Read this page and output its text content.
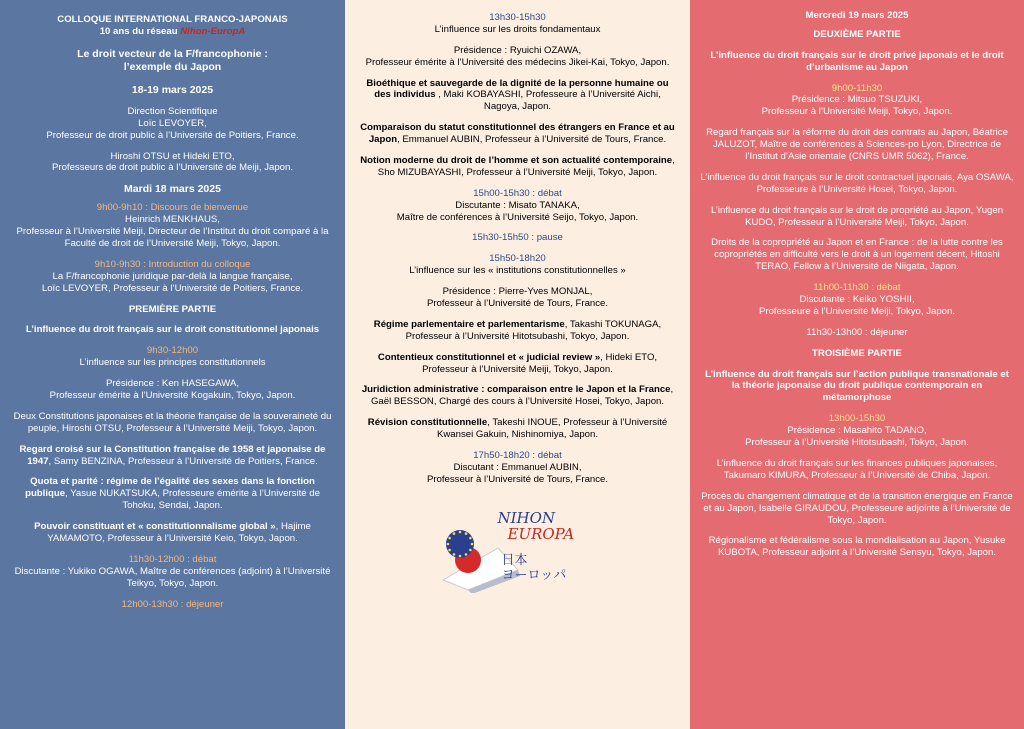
COLLOQUE INTERNATIONAL FRANCO-JAPONAIS

10 ans du réseau Nihon-EuropA

Le droit vecteur de la F/francophonie :

l’exemple du Japon

18-19 mars 2025

Direction Scientifique

Loïc LEVOYER,

Professeur de droit public à l’Université de Poitiers, France.

Hiroshi OTSU et Hideki ETO,

Professeurs de droit public à l’Université de Meiji, Japon.

Mardi 18 mars 2025

9h00-9h10 : Discours de bienvenue

Heinrich MENKHAUS,

Professeur à l’Université Meiji, Directeur de l’Institut du droit comparé à la Faculté de droit de l’Université Meiji, Tokyo, Japon.

9h10-9h30 : Introduction du colloque

La F/francophonie juridique par-delà la langue française,

Loïc LEVOYER, Professeur à l’Université de Poitiers, France.

PREMIÈRE PARTIE

L’influence du droit français sur le droit constitutionnel japonais

9h30-12h00

L’influence sur les principes constitutionnels

Présidence : Ken HASEGAWA,

Professeur émérite à l’Université Kogakuin, Tokyo, Japon.

Deux Constitutions japonaises et la théorie française de la souveraineté du peuple, Hiroshi OTSU, Professeur à l’Université Meiji, Tokyo, Japon.

Regard croisé sur la Constitution française de 1958 et japonaise de 1947, Samy BENZINA, Professeur à l’Université de Poitiers, France.

Quota et parité : régime de l’égalité des sexes dans la fonction publique, Yasue NUKATSUKA, Professeure émérite à l’Université de Tohoku, Sendai, Japon.

Pouvoir constituant et « constitutionnalisme global », Hajime YAMAMOTO, Professeur à l’Université Keio, Tokyo, Japon.

11h30-12h00 : débat

Discutante : Yukiko OGAWA, Maître de conférences (adjoint) à l’Université Teikyo, Tokyo, Japon.

12h00-13h30 : déjeuner

13h30-15h30

L’influence sur les droits fondamentaux

Présidence : Ryuichi OZAWA,

Professeur émérite à l’Université des médecins Jikei-Kai, Tokyo, Japon.

Bioéthique et sauvegarde de la dignité de la personne humaine ou des individus , Maki KOBAYASHI, Professeure à l’Université Aichi, Nagoya, Japon.

Comparaison du statut constitutionnel des étrangers en France et au Japon, Emmanuel AUBIN, Professeur à l’Université de Tours, France.

Notion moderne du droit de l’homme et son actualité contemporaine, Sho MIZUBAYASHI, Professeur à l’Université Meiji, Tokyo, Japon.

15h00-15h30 : débat

Discutante : Misato TANAKA,

Maître de conférences à l’Université Seijo, Tokyo, Japon.

15h30-15h50 : pause

15h50-18h20

L’influence sur les « institutions constitutionnelles »

Présidence : Pierre-Yves MONJAL,

Professeur à l’Université de Tours, France.

Régime parlementaire et parlementarisme, Takashi TOKUNAGA, Professeur à l’Université Hitotsubashi, Tokyo, Japon.

Contentieux constitutionnel et « judicial review », Hideki ETO, Professeur à l’Université Meiji, Tokyo, Japon.

Juridiction administrative : comparaison entre le Japon et la France, Gaël BESSON, Chargé des cours à l’Université Hosei, Tokyo, Japon.

Révision constitutionnelle, Takeshi INOUE, Professeur à l’Université Kwansei Gakuin, Nishinomiya, Japon.

17h50-18h20 : débat

Discutant : Emmanuel AUBIN,

Professeur à l’Université de Tours, France.

NIHON
EUROPA
日本
ヨーロッパ

Mercredi 19 mars 2025

DEUXIÈME PARTIE

L’influence du droit français sur le droit privé japonais et le droit d’urbanisme au Japon

9h00-11h30

Présidence : Mitsuo TSUZUKI,

Professeur à l’Université Meiji, Tokyo, Japon.

Regard français sur la réforme du droit des contrats au Japon, Béatrice JALUZOT, Maître de conférences à Sciences-po Lyon, Directrice de l’Institut d’Asie orientale (CNRS UMR 5062), France.

L’influence du droit français sur le droit contractuel japonais, Aya OSAWA, Professeure à l’Université Hosei, Tokyo, Japon.

L’influence du droit français sur le droit de propriété au Japon, Yugen KUDO, Professeur à l’Université Meiji, Tokyo, Japon.

Droits de la copropriété au Japon et en France : de la lutte contre les copropriétés en difficulté vers le droit à un logement décent, Hitoshi TERAO, Fellow à l’Université de Niigata, Japon.

11h00-11h30 : débat

Discutante : Keiko YOSHII,

Professeure à l’Université Meiji, Tokyo, Japon.

11h30-13h00 : déjeuner

TROISIÈME PARTIE

L’influence du droit français sur l’action publique transnationale et la théorie japonaise du droit publique contemporain en métamorphose

13h00-15h30

Présidence : Masahito TADANO,

Professeur à l’Université Hitotsubashi, Tokyo, Japon.

L’influence du droit français sur les finances publiques japonaises, Takumaro KIMURA, Professeur à l’Université de Chiba, Japon.

Procès du changement climatique et de la transition énergique en France et au Japon, Isabelle GIRAUDOU, Professeure adjointe à l’Université de Tokyo, Japon.

Régionalisme et fédéralisme sous la mondialisation au Japon, Yusuke KUBOTA, Professeur adjoint à l’Université Sensyu, Tokyo, Japon.
